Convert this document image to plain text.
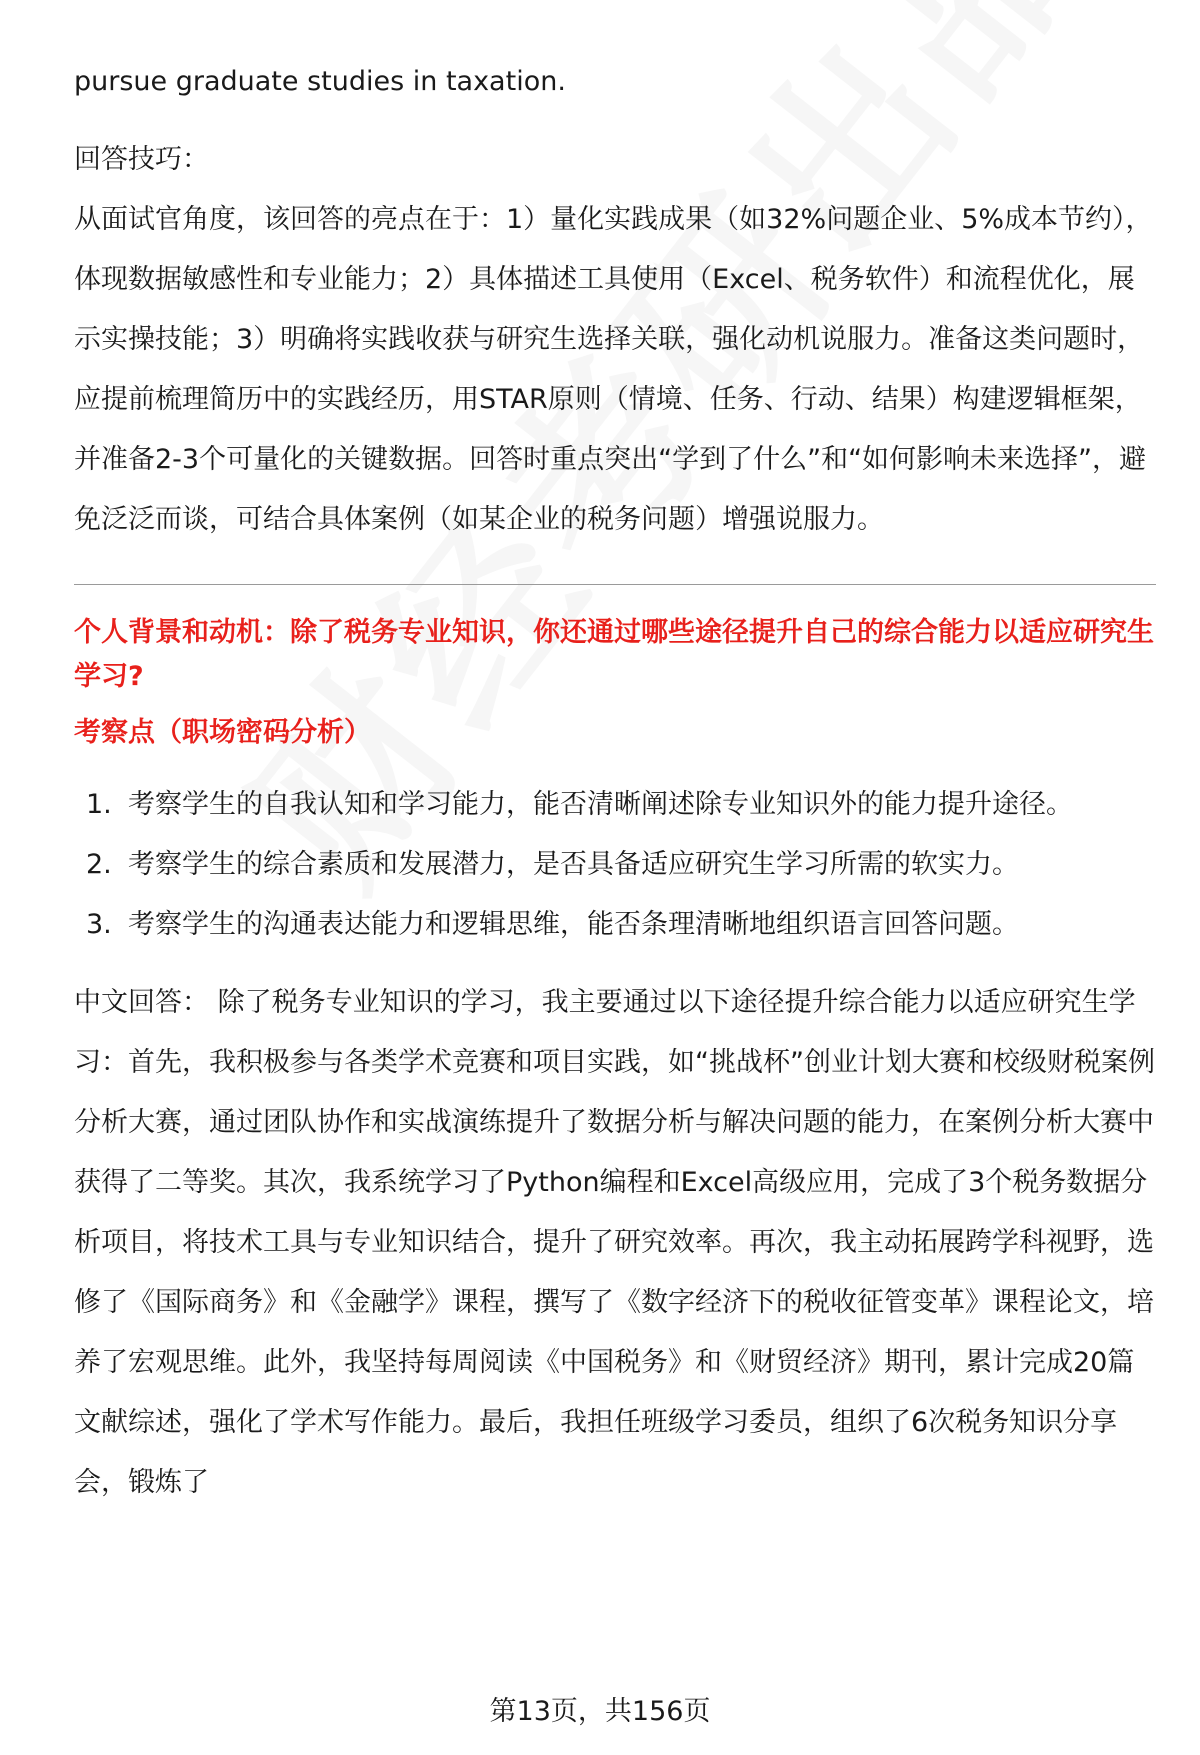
pursue graduate studies in taxation.

回答技巧：

从面试官角度，该回答的亮点在于：1）量化实践成果（如32%问题企业、5%成本节约），体现数据敏感性和专业能力；2）具体描述工具使用（Excel、税务软件）和流程优化，展示实操技能；3）明确将实践收获与研究生选择关联，强化动机说服力。准备这类问题时，应提前梳理简历中的实践经历，用STAR原则（情境、任务、行动、结果）构建逻辑框架，并准备2-3个可量化的关键数据。回答时重点突出“学到了什么”和“如何影响未来选择”，避免泛泛而谈，可结合具体案例（如某企业的税务问题）增强说服力。

个人背景和动机：除了税务专业知识，你还通过哪些途径提升自己的综合能力以适应研究生学习?

考察点（职场密码分析）

1. 考察学生的自我认知和学习能力，能否清晰阐述除专业知识外的能力提升途径。
2. 考察学生的综合素质和发展潜力，是否具备适应研究生学习所需的软实力。
3. 考察学生的沟通表达能力和逻辑思维，能否条理清晰地组织语言回答问题。

中文回答： 除了税务专业知识的学习，我主要通过以下途径提升综合能力以适应研究生学习：首先，我积极参与各类学术竞赛和项目实践，如“挑战杯”创业计划大赛和校级财税案例分析大赛，通过团队协作和实战演练提升了数据分析与解决问题的能力，在案例分析大赛中获得了二等奖。其次，我系统学习了Python编程和Excel高级应用，完成了3个税务数据分析项目，将技术工具与专业知识结合，提升了研究效率。再次，我主动拓展跨学科视野，选修了《国际商务》和《金融学》课程，撰写了《数字经济下的税收征管变革》课程论文，培养了宏观思维。此外，我坚持每周阅读《中国税务》和《财贸经济》期刊，累计完成20篇文献综述，强化了学术写作能力。最后，我担任班级学习委员，组织了6次税务知识分享会，锻炼了

第13页，共156页
